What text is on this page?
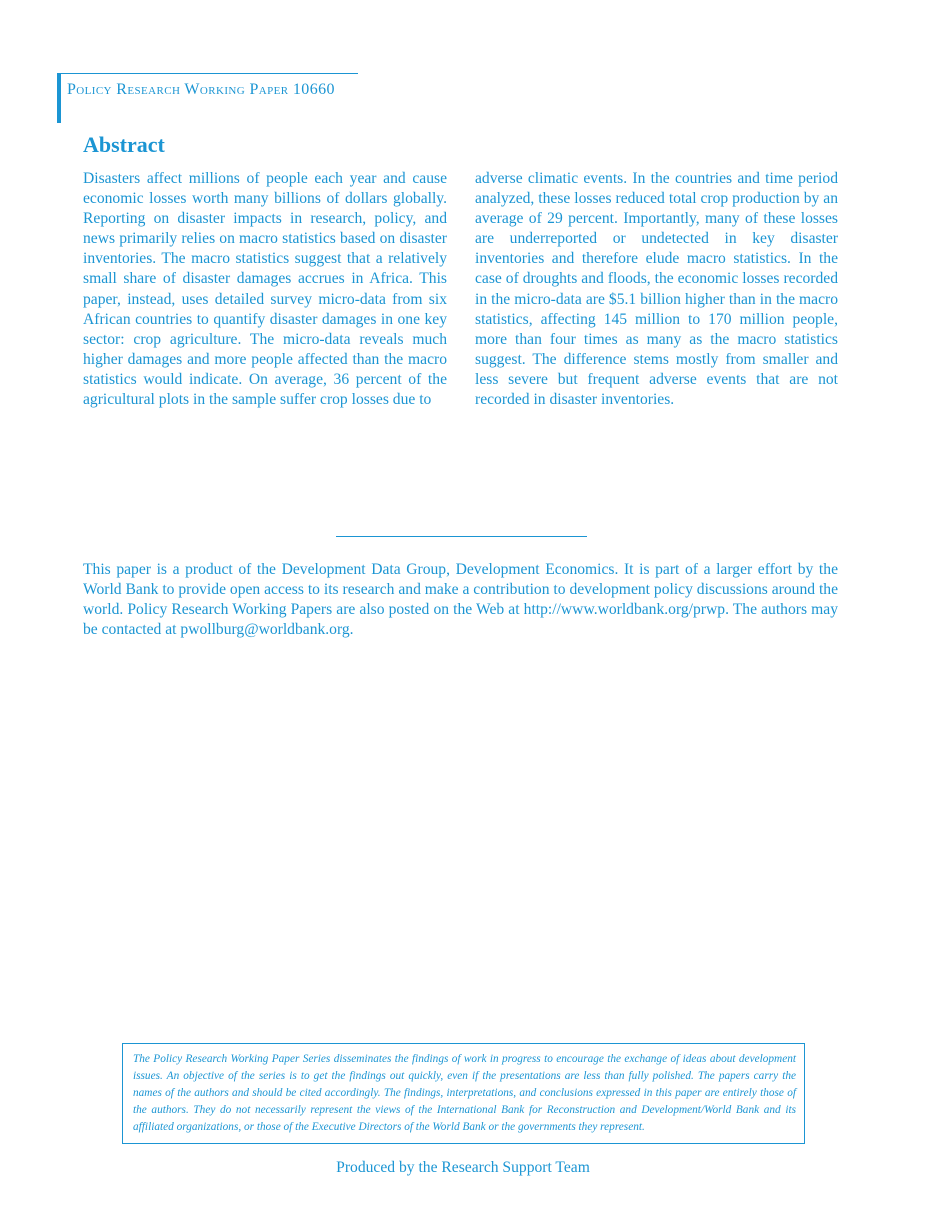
Policy Research Working Paper 10660
Abstract
Disasters affect millions of people each year and cause economic losses worth many billions of dollars globally. Reporting on disaster impacts in research, policy, and news primarily relies on macro statistics based on disaster inventories. The macro statistics suggest that a relatively small share of disaster damages accrues in Africa. This paper, instead, uses detailed survey micro-data from six African countries to quantify disaster damages in one key sector: crop agriculture. The micro-data reveals much higher damages and more people affected than the macro statistics would indicate. On average, 36 percent of the agricultural plots in the sample suffer crop losses due to
adverse climatic events. In the countries and time period analyzed, these losses reduced total crop production by an average of 29 percent. Importantly, many of these losses are underreported or undetected in key disaster inventories and therefore elude macro statistics. In the case of droughts and floods, the economic losses recorded in the micro-data are $5.1 billion higher than in the macro statistics, affecting 145 million to 170 million people, more than four times as many as the macro statistics suggest. The difference stems mostly from smaller and less severe but frequent adverse events that are not recorded in disaster inventories.
This paper is a product of the Development Data Group, Development Economics. It is part of a larger effort by the World Bank to provide open access to its research and make a contribution to development policy discussions around the world. Policy Research Working Papers are also posted on the Web at http://www.worldbank.org/prwp. The authors may be contacted at pwollburg@worldbank.org.
The Policy Research Working Paper Series disseminates the findings of work in progress to encourage the exchange of ideas about development issues. An objective of the series is to get the findings out quickly, even if the presentations are less than fully polished. The papers carry the names of the authors and should be cited accordingly. The findings, interpretations, and conclusions expressed in this paper are entirely those of the authors. They do not necessarily represent the views of the International Bank for Reconstruction and Development/World Bank and its affiliated organizations, or those of the Executive Directors of the World Bank or the governments they represent.
Produced by the Research Support Team
